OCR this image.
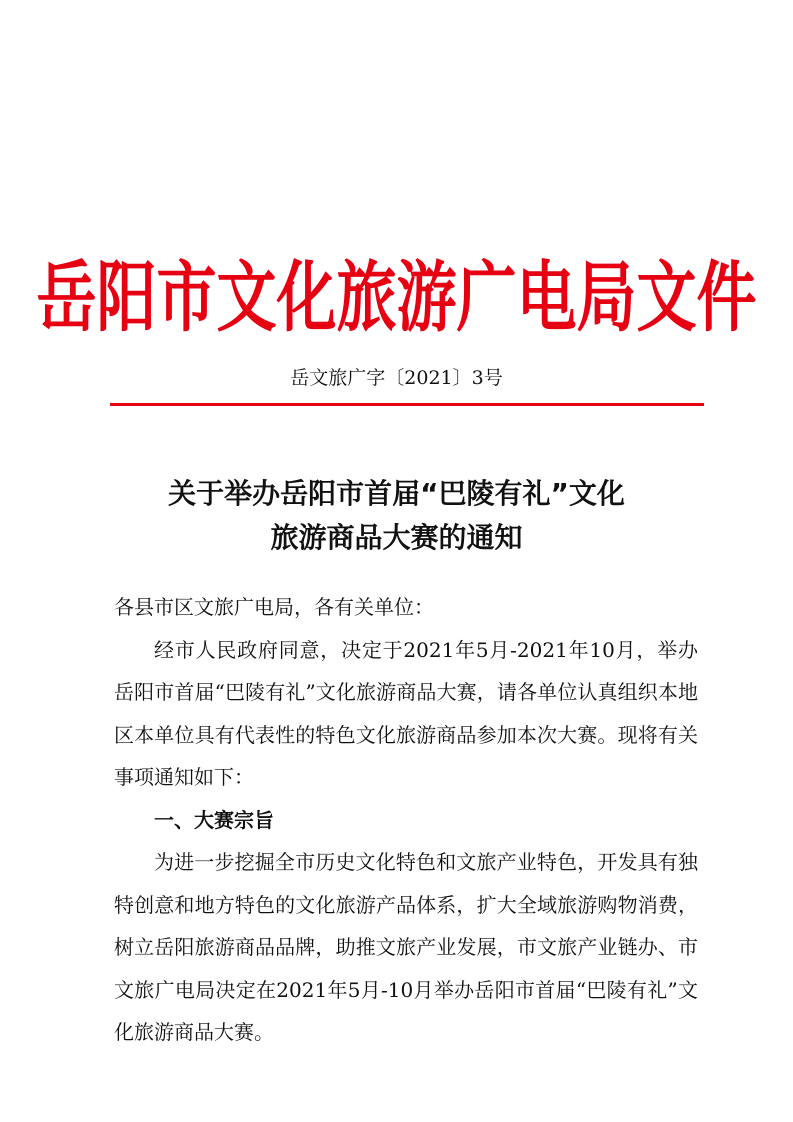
岳阳市文化旅游广电局文件
岳文旅广字〔2021〕3号
关于举办岳阳市首届“巴陵有礼”文化
旅游商品大赛的通知

各县市区文旅广电局，各有关单位：

经市人民政府同意，决定于2021年5月-2021年10月，举办岳阳市首届“巴陵有礼”文化旅游商品大赛，请各单位认真组织本地区本单位具有代表性的特色文化旅游商品参加本次大赛。现将有关事项通知如下：

一、大赛宗旨

为进一步挖掘全市历史文化特色和文旅产业特色，开发具有独特创意和地方特色的文化旅游产品体系，扩大全域旅游购物消费，树立岳阳旅游商品品牌，助推文旅产业发展，市文旅产业链办、市文旅广电局决定在2021年5月-10月举办岳阳市首届“巴陵有礼”文化旅游商品大赛。
